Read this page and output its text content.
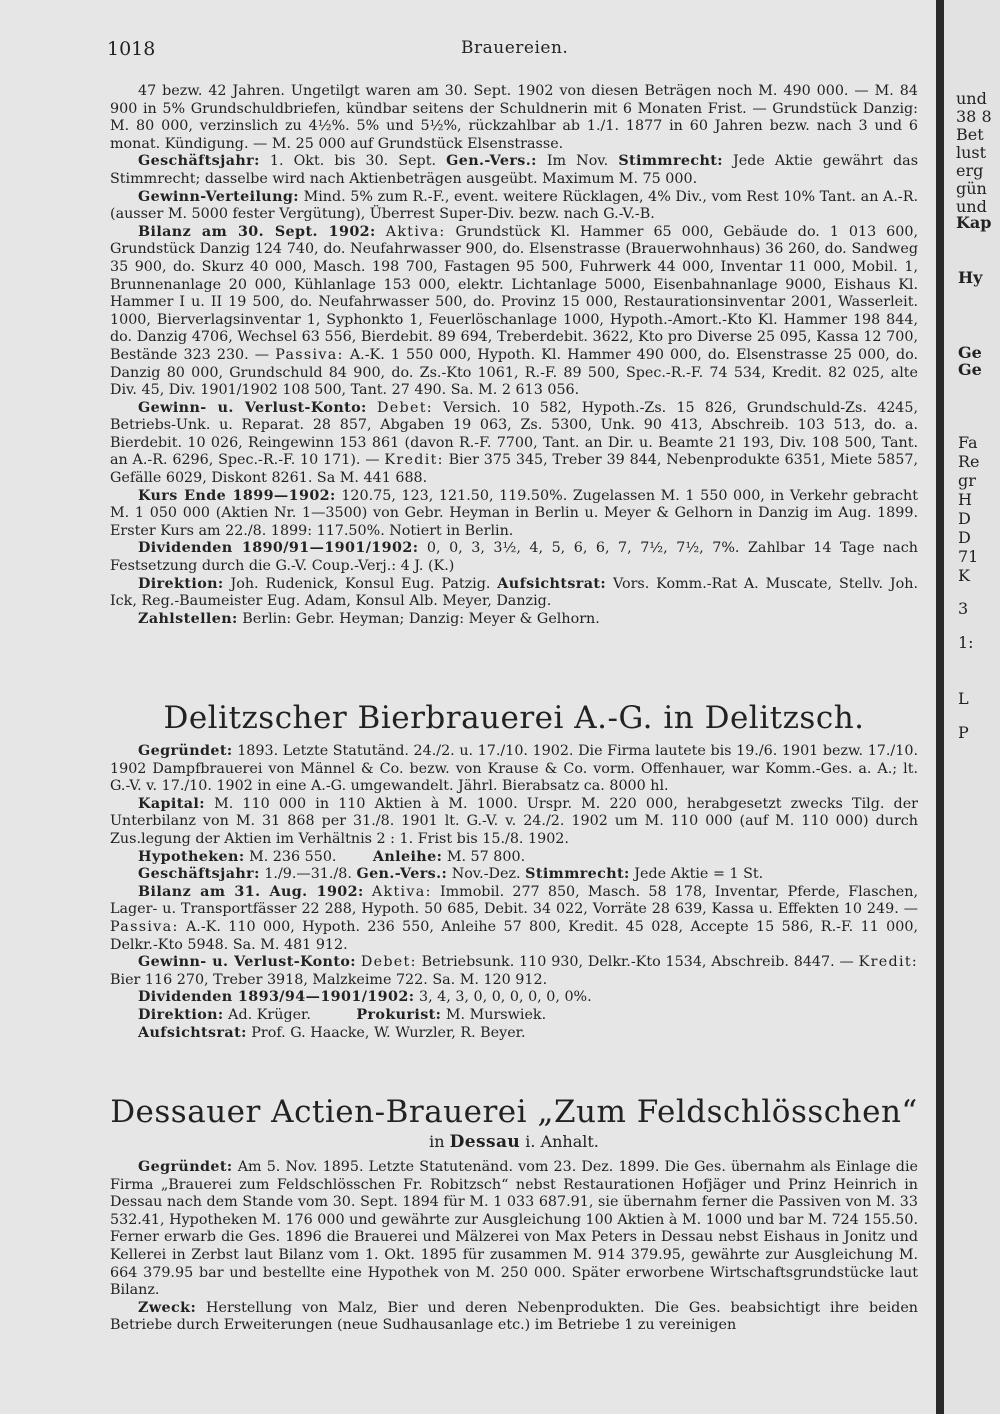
1018	Brauereien.

47 bezw. 42 Jahren. Ungetilgt waren am 30. Sept. 1902 von diesen Beträgen noch M. 490 000. — M. 84 900 in 5% Grundschuldbriefen, kündbar seitens der Schuldnerin mit 6 Monaten Frist. — Grundstück Danzig: M. 80 000, verzinslich zu 4½%. 5% und 5½%, rückzahlbar ab 1./1. 1877 in 60 Jahren bezw. nach 3 und 6 monat. Kündigung. — M. 25 000 auf Grundstück Elsenstrasse.

Geschäftsjahr: 1. Okt. bis 30. Sept. Gen.-Vers.: Im Nov. Stimmrecht: Jede Aktie gewährt das Stimmrecht; dasselbe wird nach Aktienbeträgen ausgeübt. Maximum M. 75 000.

Gewinn-Verteilung: Mind. 5% zum R.-F., event. weitere Rücklagen, 4% Div., vom Rest 10% Tant. an A.-R. (ausser M. 5000 fester Vergütung), Überrest Super-Div. bezw. nach G.-V.-B.

Bilanz am 30. Sept. 1902: Aktiva: Grundstück Kl. Hammer 65 000, Gebäude do. 1 013 600, Grundstück Danzig 124 740, do. Neufahrwasser 900, do. Elsenstrasse (Brauerwohnhaus) 36 260, do. Sandweg 35 900, do. Skurz 40 000, Masch. 198 700, Fastagen 95 500, Fuhrwerk 44 000, Inventar 11 000, Mobil. 1, Brunnenanlage 20 000, Kühlanlage 153 000, elektr. Lichtanlage 5000, Eisenbahnanlage 9000, Eishaus Kl. Hammer I u. II 19 500, do. Neufahrwasser 500, do. Provinz 15 000, Restaurationsinventar 2001, Wasserleit. 1000, Bierverlagsinventar 1, Syphonkto 1, Feuerlöschanlage 1000, Hypoth.-Amort.-Kto Kl. Hammer 198 844, do. Danzig 4706, Wechsel 63 556, Bierdebit. 89 694, Treberdebit. 3622, Kto pro Diverse 25 095, Kassa 12 700, Bestände 323 230. — Passiva: A.-K. 1 550 000, Hypoth. Kl. Hammer 490 000, do. Elsenstrasse 25 000, do. Danzig 80 000, Grundschuld 84 900, do. Zs.-Kto 1061, R.-F. 89 500, Spec.-R.-F. 74 534, Kredit. 82 025, alte Div. 45, Div. 1901/1902 108 500, Tant. 27 490. Sa. M. 2 613 056.

Gewinn- u. Verlust-Konto: Debet: Versich. 10 582, Hypoth.-Zs. 15 826, Grundschuld-Zs. 4245, Betriebs-Unk. u. Reparat. 28 857, Abgaben 19 063, Zs. 5300, Unk. 90 413, Abschreib. 103 513, do. a. Bierdebit. 10 026, Reingewinn 153 861 (davon R.-F. 7700, Tant. an Dir. u. Beamte 21 193, Div. 108 500, Tant. an A.-R. 6296, Spec.-R.-F. 10 171). — Kredit: Bier 375 345, Treber 39 844, Nebenprodukte 6351, Miete 5857, Gefälle 6029, Diskont 8261. Sa M. 441 688.

Kurs Ende 1899—1902: 120.75, 123, 121.50, 119.50%. Zugelassen M. 1 550 000, in Verkehr gebracht M. 1 050 000 (Aktien Nr. 1—3500) von Gebr. Heyman in Berlin u. Meyer & Gelhorn in Danzig im Aug. 1899. Erster Kurs am 22./8. 1899: 117.50%. Notiert in Berlin.

Dividenden 1890/91—1901/1902: 0, 0, 3, 3½, 4, 5, 6, 6, 7, 7½, 7½, 7%. Zahlbar 14 Tage nach Festsetzung durch die G.-V. Coup.-Verj.: 4 J. (K.)

Direktion: Joh. Rudenick, Konsul Eug. Patzig. Aufsichtsrat: Vors. Komm.-Rat A. Muscate, Stellv. Joh. Ick, Reg.-Baumeister Eug. Adam, Konsul Alb. Meyer, Danzig.

Zahlstellen: Berlin: Gebr. Heyman; Danzig: Meyer & Gelhorn.

Delitzscher Bierbrauerei A.-G. in Delitzsch.

Gegründet: 1893. Letzte Statutänd. 24./2. u. 17./10. 1902. Die Firma lautete bis 19./6. 1901 bezw. 17./10. 1902 Dampfbrauerei von Männel & Co. bezw. von Krause & Co. vorm. Offenhauer, war Komm.-Ges. a. A.; lt. G.-V. v. 17./10. 1902 in eine A.-G. umgewandelt. Jährl. Bierabsatz ca. 8000 hl.

Kapital: M. 110 000 in 110 Aktien à M. 1000. Urspr. M. 220 000, herabgesetzt zwecks Tilg. der Unterbilanz von M. 31 868 per 31./8. 1901 lt. G.-V. v. 24./2. 1902 um M. 110 000 (auf M. 110 000) durch Zus.legung der Aktien im Verhältnis 2 : 1. Frist bis 15./8. 1902.

Hypotheken: M. 236 550.	Anleihe: M. 57 800.

Geschäftsjahr: 1./9.—31./8. Gen.-Vers.: Nov.-Dez. Stimmrecht: Jede Aktie = 1 St.

Bilanz am 31. Aug. 1902: Aktiva: Immobil. 277 850, Masch. 58 178, Inventar, Pferde, Flaschen, Lager- u. Transportfässer 22 288, Hypoth. 50 685, Debit. 34 022, Vorräte 28 639, Kassa u. Effekten 10 249. — Passiva: A.-K. 110 000, Hypoth. 236 550, Anleihe 57 800, Kredit. 45 028, Accepte 15 586, R.-F. 11 000, Delkr.-Kto 5948. Sa. M. 481 912.

Gewinn- u. Verlust-Konto: Debet: Betriebsunk. 110 930, Delkr.-Kto 1534, Abschreib. 8447. — Kredit: Bier 116 270, Treber 3918, Malzkeime 722. Sa. M. 120 912.

Dividenden 1893/94—1901/1902: 3, 4, 3, 0, 0, 0, 0, 0, 0%.

Direktion: Ad. Krüger.	Prokurist: M. Murswiek.

Aufsichtsrat: Prof. G. Haacke, W. Wurzler, R. Beyer.

Dessauer Actien-Brauerei „Zum Feldschlösschen“
in Dessau i. Anhalt.

Gegründet: Am 5. Nov. 1895. Letzte Statutenänd. vom 23. Dez. 1899. Die Ges. übernahm als Einlage die Firma „Brauerei zum Feldschlösschen Fr. Robitzsch“ nebst Restaurationen Hofjäger und Prinz Heinrich in Dessau nach dem Stande vom 30. Sept. 1894 für M. 1 033 687.91, sie übernahm ferner die Passiven von M. 33 532.41, Hypotheken M. 176 000 und gewährte zur Ausgleichung 100 Aktien à M. 1000 und bar M. 724 155.50. Ferner erwarb die Ges. 1896 die Brauerei und Mälzerei von Max Peters in Dessau nebst Eishaus in Jonitz und Kellerei in Zerbst laut Bilanz vom 1. Okt. 1895 für zusammen M. 914 379.95, gewährte zur Ausgleichung M. 664 379.95 bar und bestellte eine Hypothek von M. 250 000. Später erworbene Wirtschaftsgrundstücke laut Bilanz.

Zweck: Herstellung von Malz, Bier und deren Nebenprodukten. Die Ges. beabsichtigt ihre beiden Betriebe durch Erweiterungen (neue Sudhausanlage etc.) im Betriebe 1 zu vereinigen

und
38 8
Bet
lust
erg
gün
und
Kap
Hy
Ge
Ge
Fa
Re
gr
H
D
D
71
K
3
1:
L
P
